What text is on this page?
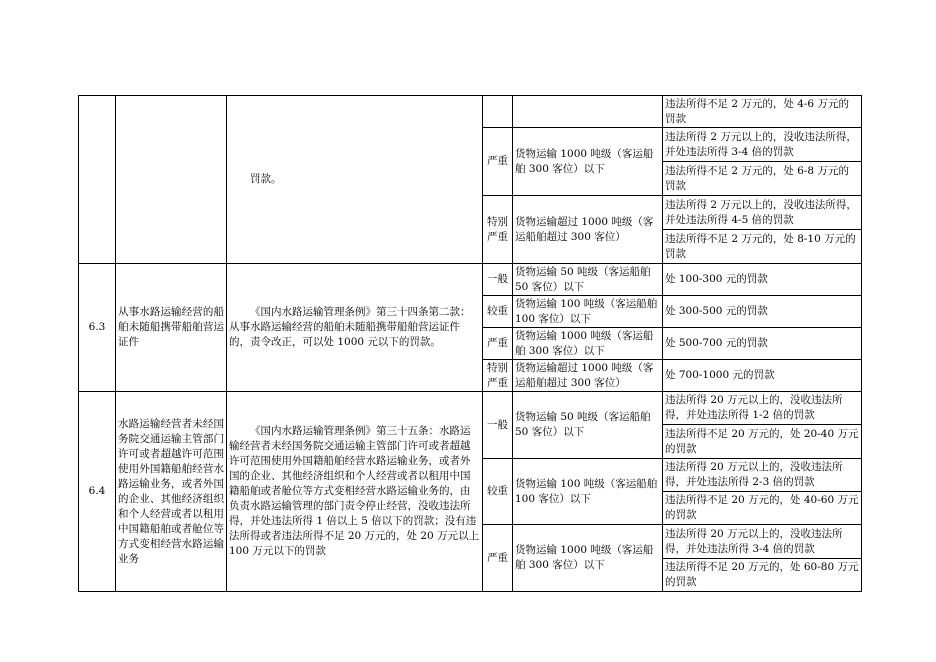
		罚款。			违法所得不足 2 万元的，处 4-6 万元的罚款
			严重	货物运输 1000 吨级（客运船舶 300 客位）以下	违法所得 2 万元以上的，没收违法所得，并处违法所得 3-4 倍的罚款
					违法所得不足 2 万元的，处 6-8 万元的罚款
			特别严重	货物运输超过 1000 吨级（客运船舶超过 300 客位）	违法所得 2 万元以上的，没收违法所得，并处违法所得 4-5 倍的罚款
					违法所得不足 2 万元的，处 8-10 万元的罚款
6.3	从事水路运输经营的船舶未随船携带船舶营运证件	《国内水路运输管理条例》第三十四条第二款：从事水路运输经营的船舶未随船携带船舶营运证件的，责令改正，可以处 1000 元以下的罚款。	一般	货物运输 50 吨级（客运船舶 50 客位）以下	处 100-300 元的罚款
			较重	货物运输 100 吨级（客运船舶 100 客位）以下	处 300-500 元的罚款
			严重	货物运输 1000 吨级（客运船舶 300 客位）以下	处 500-700 元的罚款
			特别严重	货物运输超过 1000 吨级（客运船舶超过 300 客位）	处 700-1000 元的罚款
6.4	水路运输经营者未经国务院交通运输主管部门许可或者超越许可范围使用外国籍船舶经营水路运输业务，或者外国的企业、其他经济组织和个人经营或者以租用中国籍船舶或者舱位等方式变相经营水路运输业务	《国内水路运输管理条例》第三十五条：水路运输经营者未经国务院交通运输主管部门许可或者超越许可范围使用外国籍船舶经营水路运输业务，或者外国的企业、其他经济组织和个人经营或者以租用中国籍船舶或者舱位等方式变相经营水路运输业务的，由负责水路运输管理的部门责令停止经营，没收违法所得，并处违法所得 1 倍以上 5 倍以下的罚款；没有违法所得或者违法所得不足 20 万元的，处 20 万元以上 100 万元以下的罚款	一般	货物运输 50 吨级（客运船舶 50 客位）以下	违法所得 20 万元以上的，没收违法所得，并处违法所得 1-2 倍的罚款
					违法所得不足 20 万元的，处 20-40 万元的罚款
			较重	货物运输 100 吨级（客运船舶 100 客位）以下	违法所得 20 万元以上的，没收违法所得，并处违法所得 2-3 倍的罚款
					违法所得不足 20 万元的，处 40-60 万元的罚款
			严重	货物运输 1000 吨级（客运船舶 300 客位）以下	违法所得 20 万元以上的，没收违法所得，并处违法所得 3-4 倍的罚款
					违法所得不足 20 万元的，处 60-80 万元的罚款
